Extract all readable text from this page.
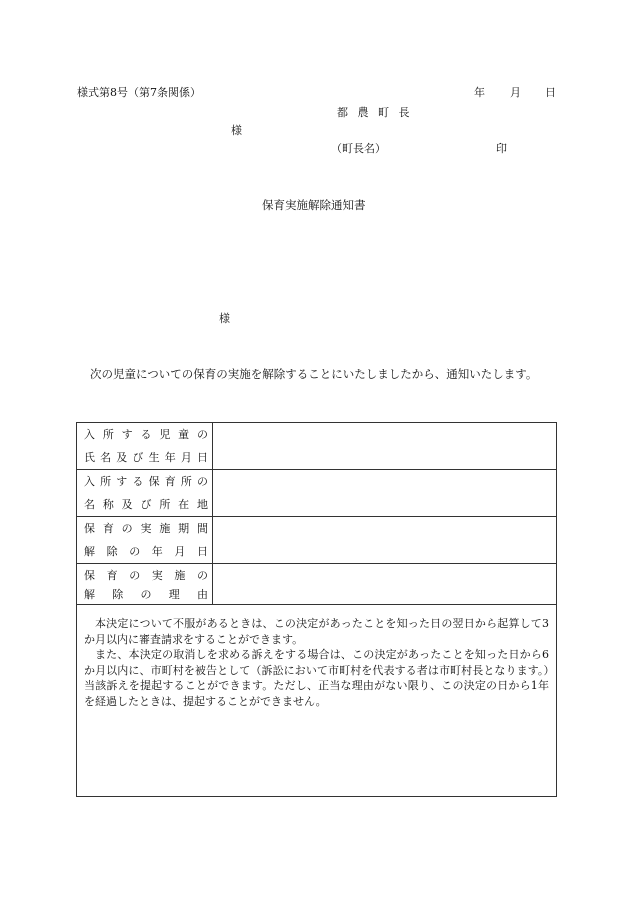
様式第8号（第7条関係）	年 月 日
都 農 町 長
様
（町長名）	印
保育実施解除通知書
様
次の児童についての保育の実施を解除することにいたしましたから、通知いたします。
入 所 す る 児 童 の
氏 名 及 び 生 年 月 日
入 所 す る 保 育 所 の
名 称 及 び 所 在 地
保 育 の 実 施 期 間
解 除 の 年 月 日
保 育 の 実 施 の
解 除 の 理 由

本決定について不服があるときは、この決定があったことを知った日の翌日から起算して3か月以内に審査請求をすることができます。

また、本決定の取消しを求める訴えをする場合は、この決定があったことを知った日から6か月以内に、市町村を被告として（訴訟において市町村を代表する者は市町村長となります。）当該訴えを提起することができます。ただし、正当な理由がない限り、この決定の日から1年を経過したときは、提起することができません。
